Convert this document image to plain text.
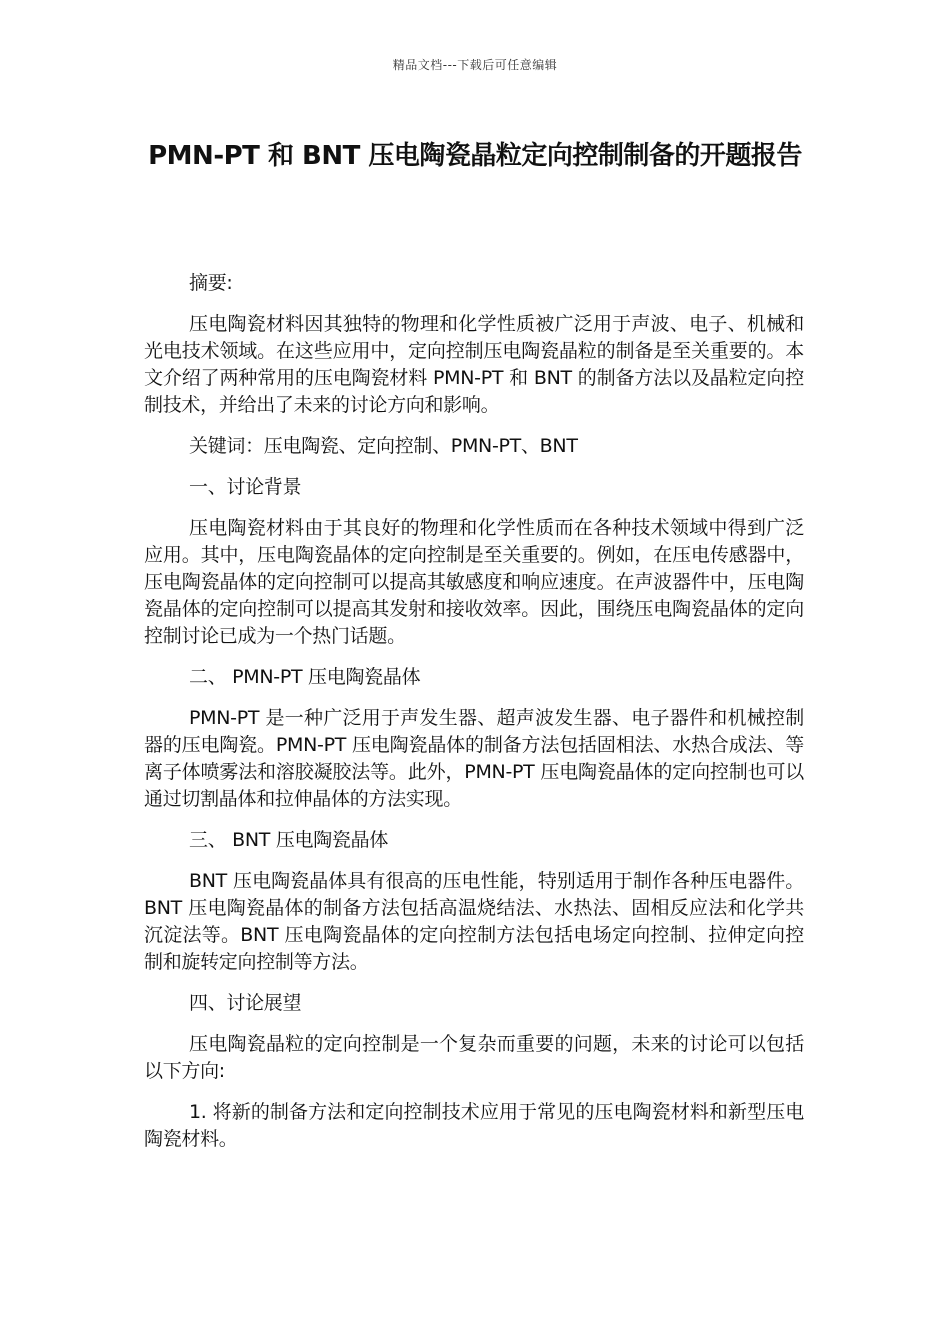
精品文档---下载后可任意编辑
PMN-PT 和 BNT 压电陶瓷晶粒定向控制制备的开题报告

摘要:

压电陶瓷材料因其独特的物理和化学性质被广泛用于声波、电子、机械和光电技术领域。在这些应用中，定向控制压电陶瓷晶粒的制备是至关重要的。本文介绍了两种常用的压电陶瓷材料 PMN-PT 和 BNT 的制备方法以及晶粒定向控制技术，并给出了未来的讨论方向和影响。

关键词：压电陶瓷、定向控制、PMN-PT、BNT

一、讨论背景

压电陶瓷材料由于其良好的物理和化学性质而在各种技术领域中得到广泛应用。其中，压电陶瓷晶体的定向控制是至关重要的。例如，在压电传感器中，压电陶瓷晶体的定向控制可以提高其敏感度和响应速度。在声波器件中，压电陶瓷晶体的定向控制可以提高其发射和接收效率。因此，围绕压电陶瓷晶体的定向控制讨论已成为一个热门话题。

二、 PMN-PT 压电陶瓷晶体

PMN-PT 是一种广泛用于声发生器、超声波发生器、电子器件和机械控制器的压电陶瓷。PMN-PT 压电陶瓷晶体的制备方法包括固相法、水热合成法、等离子体喷雾法和溶胶凝胶法等。此外，PMN-PT 压电陶瓷晶体的定向控制也可以通过切割晶体和拉伸晶体的方法实现。

三、 BNT 压电陶瓷晶体

BNT 压电陶瓷晶体具有很高的压电性能，特别适用于制作各种压电器件。BNT 压电陶瓷晶体的制备方法包括高温烧结法、水热法、固相反应法和化学共沉淀法等。BNT 压电陶瓷晶体的定向控制方法包括电场定向控制、拉伸定向控制和旋转定向控制等方法。

四、讨论展望

压电陶瓷晶粒的定向控制是一个复杂而重要的问题，未来的讨论可以包括以下方向:

1. 将新的制备方法和定向控制技术应用于常见的压电陶瓷材料和新型压电陶瓷材料。
